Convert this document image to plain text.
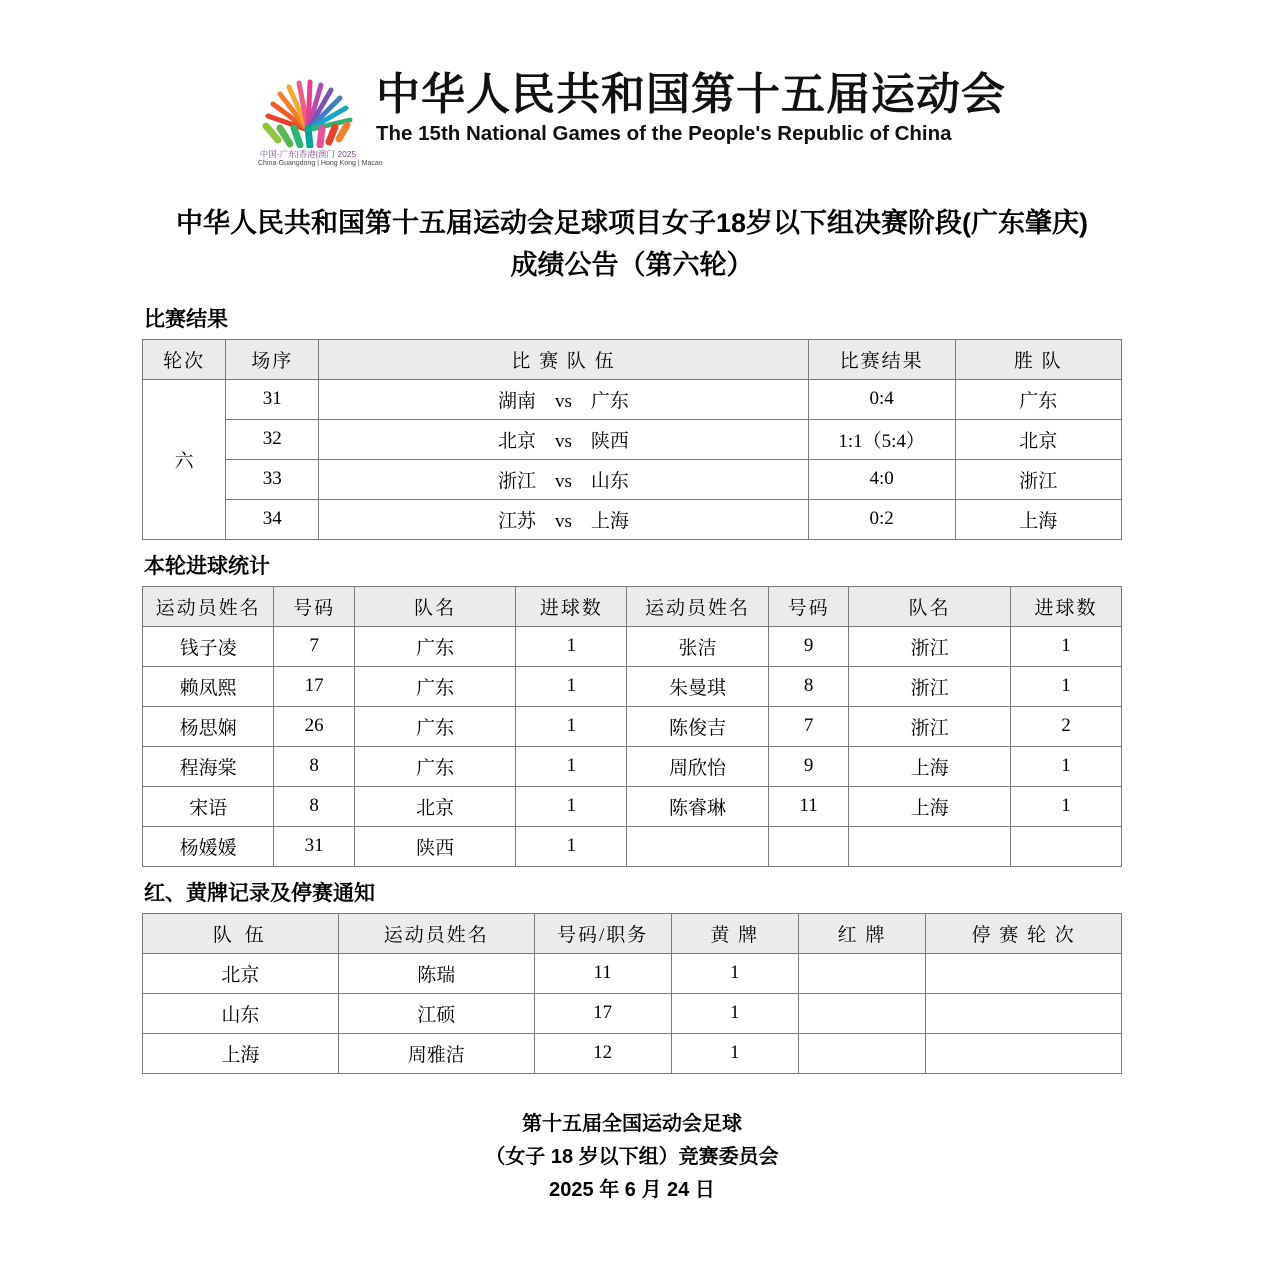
中国·广东|香港|澳门 2025
China·Guangdong | Hong Kong | Macao
中华人民共和国第十五届运动会
The 15th National Games of the People's Republic of China
中华人民共和国第十五届运动会足球项目女子18岁以下组决赛阶段(广东肇庆)
成绩公告（第六轮）
比赛结果
轮次	场序	比 赛 队 伍	比赛结果	胜 队
六	31	湖南　vs　广东	0:4	广东
	32	北京　vs　陕西	1:1（5:4）	北京
	33	浙江　vs　山东	4:0	浙江
	34	江苏　vs　上海	0:2	上海
本轮进球统计
运动员姓名	号码	队名	进球数	运动员姓名	号码	队名	进球数
钱子凌	7	广东	1	张洁	9	浙江	1
赖凤熙	17	广东	1	朱曼琪	8	浙江	1
杨思娴	26	广东	1	陈俊吉	7	浙江	2
程海棠	8	广东	1	周欣怡	9	上海	1
宋语	8	北京	1	陈睿琳	11	上海	1
杨媛媛	31	陕西	1				
红、黄牌记录及停赛通知
队 伍	运动员姓名	号码/职务	黄 牌	红 牌	停 赛 轮 次
北京	陈瑞	11	1		
山东	江硕	17	1		
上海	周雅洁	12	1		
第十五届全国运动会足球
（女子 18 岁以下组）竞赛委员会
2025 年 6 月 24 日
